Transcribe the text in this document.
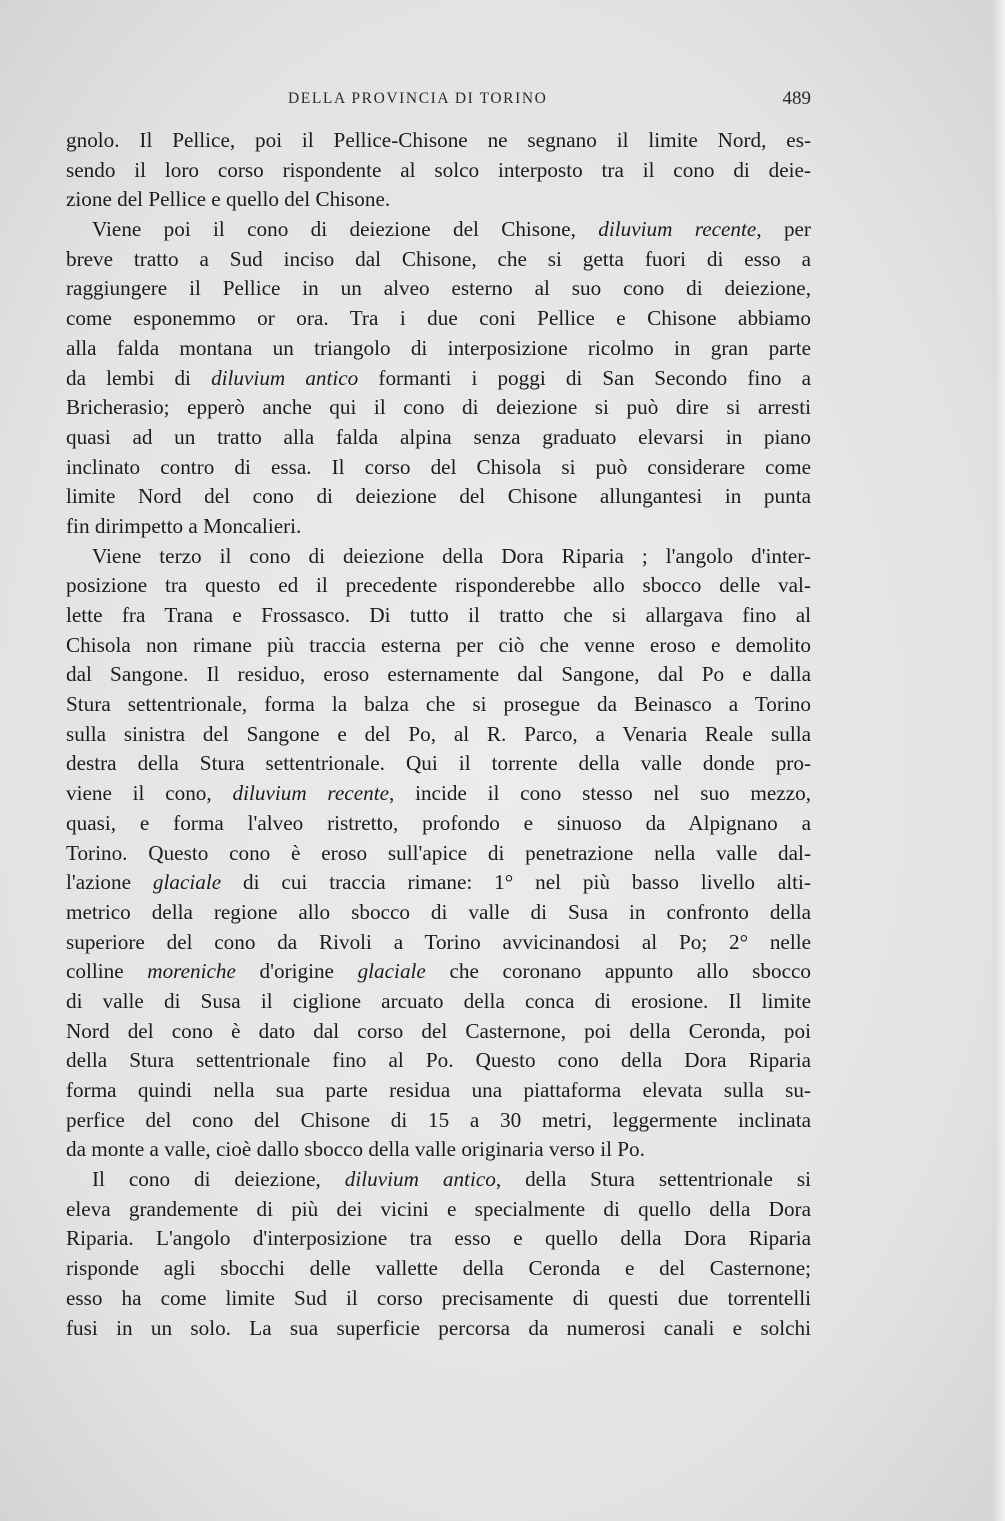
DELLA PROVINCIA DI TORINO	489
gnolo. Il Pellice, poi il Pellice-Chisone ne segnano il limite Nord, es-
sendo il loro corso rispondente al solco interposto tra il cono di deie-
zione del Pellice e quello del Chisone.
Viene poi il cono di deiezione del Chisone, diluvium recente, per
breve tratto a Sud inciso dal Chisone, che si getta fuori di esso a
raggiungere il Pellice in un alveo esterno al suo cono di deiezione,
come esponemmo or ora. Tra i due coni Pellice e Chisone abbiamo
alla falda montana un triangolo di interposizione ricolmo in gran parte
da lembi di diluvium antico formanti i poggi di San Secondo fino a
Bricherasio; epperò anche qui il cono di deiezione si può dire si arresti
quasi ad un tratto alla falda alpina senza graduato elevarsi in piano
inclinato contro di essa. Il corso del Chisola si può considerare come
limite Nord del cono di deiezione del Chisone allungantesi in punta
fin dirimpetto a Moncalieri.
Viene terzo il cono di deiezione della Dora Riparia ; l'angolo d'inter-
posizione tra questo ed il precedente risponderebbe allo sbocco delle val-
lette fra Trana e Frossasco. Di tutto il tratto che si allargava fino al
Chisola non rimane più traccia esterna per ciò che venne eroso e demolito
dal Sangone. Il residuo, eroso esternamente dal Sangone, dal Po e dalla
Stura settentrionale, forma la balza che si prosegue da Beinasco a Torino
sulla sinistra del Sangone e del Po, al R. Parco, a Venaria Reale sulla
destra della Stura settentrionale. Qui il torrente della valle donde pro-
viene il cono, diluvium recente, incide il cono stesso nel suo mezzo,
quasi, e forma l'alveo ristretto, profondo e sinuoso da Alpignano a
Torino. Questo cono è eroso sull'apice di penetrazione nella valle dal-
l'azione glaciale di cui traccia rimane: 1° nel più basso livello alti-
metrico della regione allo sbocco di valle di Susa in confronto della
superiore del cono da Rivoli a Torino avvicinandosi al Po; 2° nelle
colline moreniche d'origine glaciale che coronano appunto allo sbocco
di valle di Susa il ciglione arcuato della conca di erosione. Il limite
Nord del cono è dato dal corso del Casternone, poi della Ceronda, poi
della Stura settentrionale fino al Po. Questo cono della Dora Riparia
forma quindi nella sua parte residua una piattaforma elevata sulla su-
perfice del cono del Chisone di 15 a 30 metri, leggermente inclinata
da monte a valle, cioè dallo sbocco della valle originaria verso il Po.
Il cono di deiezione, diluvium antico, della Stura settentrionale si
eleva grandemente di più dei vicini e specialmente di quello della Dora
Riparia. L'angolo d'interposizione tra esso e quello della Dora Riparia
risponde agli sbocchi delle vallette della Ceronda e del Casternone;
esso ha come limite Sud il corso precisamente di questi due torrentelli
fusi in un solo. La sua superficie percorsa da numerosi canali e solchi
